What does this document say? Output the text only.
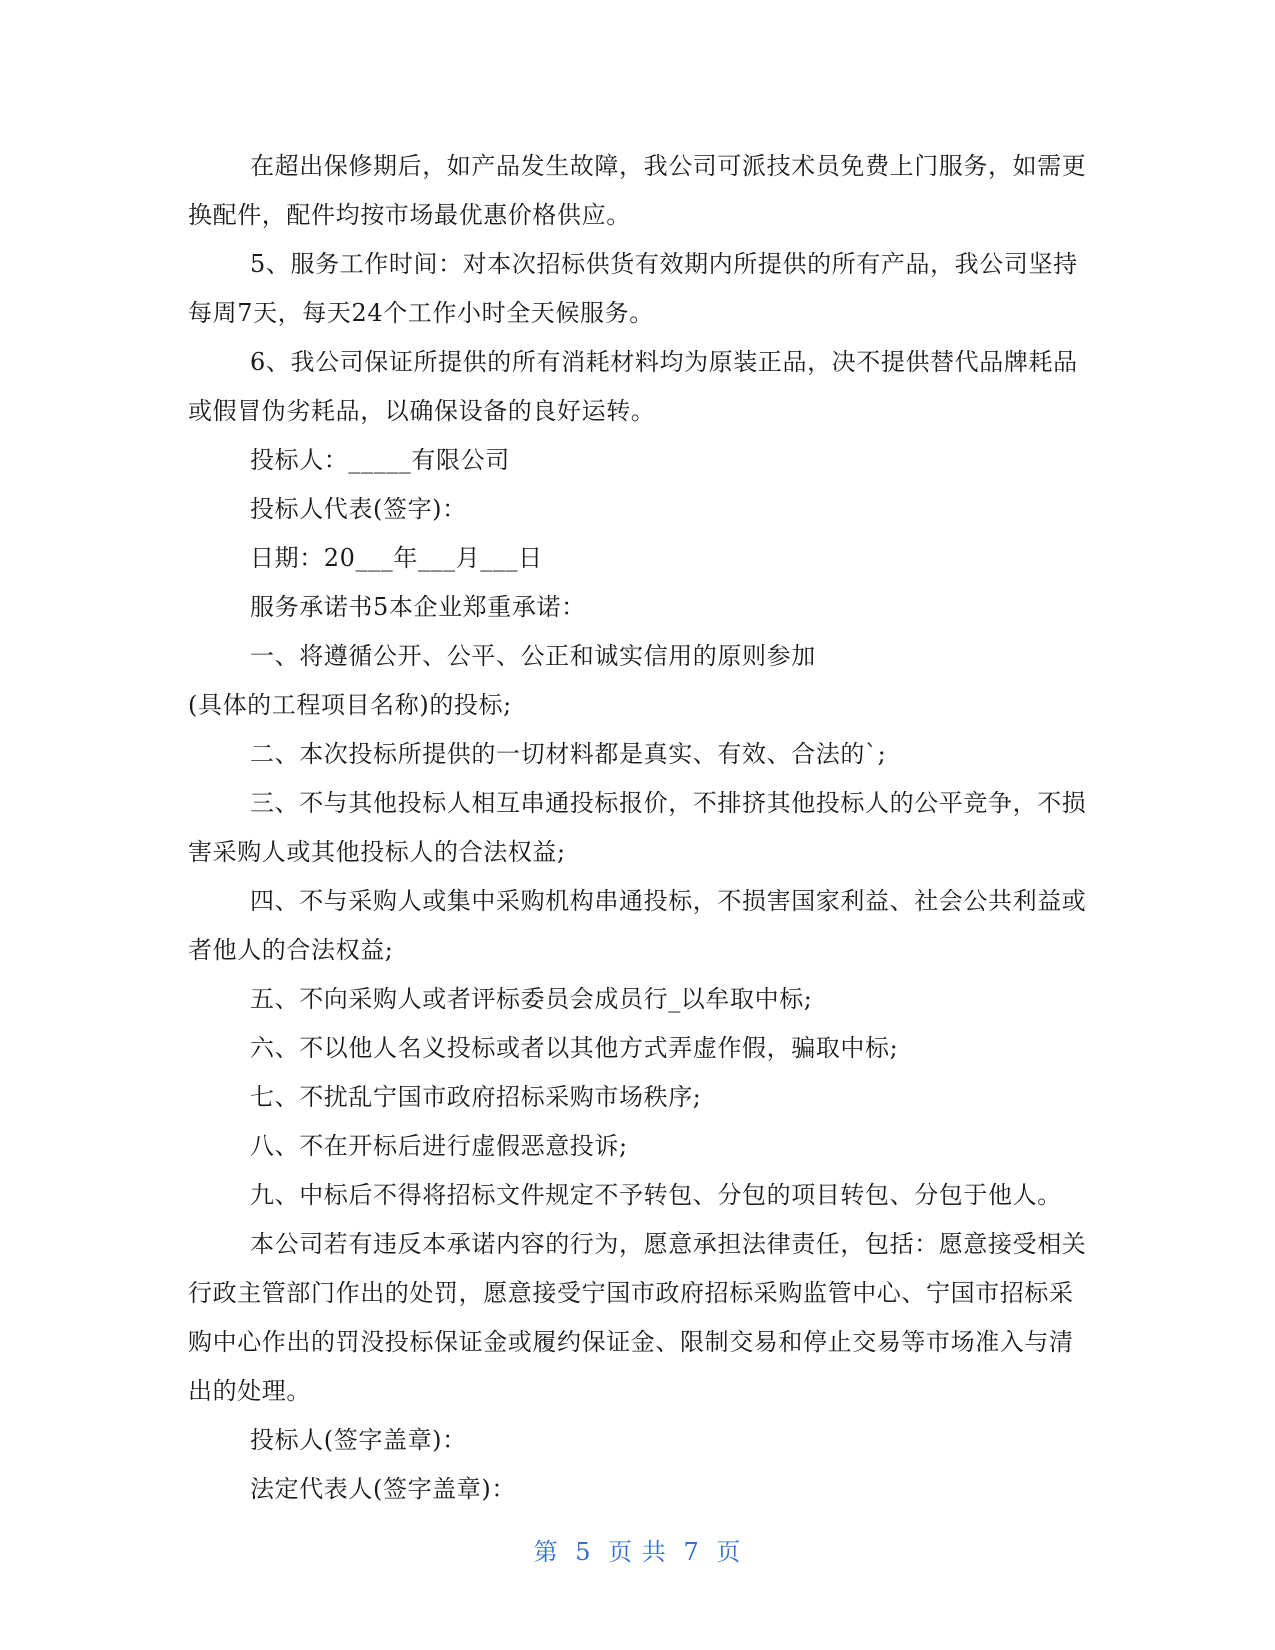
在超出保修期后，如产品发生故障，我公司可派技术员免费上门服务，如需更换配件，配件均按市场最优惠价格供应。

5、服务工作时间：对本次招标供货有效期内所提供的所有产品，我公司坚持每周7天，每天24个工作小时全天候服务。

6、我公司保证所提供的所有消耗材料均为原装正品，决不提供替代品牌耗品或假冒伪劣耗品，以确保设备的良好运转。

投标人：_____有限公司

投标人代表(签字)：

日期：20___年___月___日

服务承诺书5本企业郑重承诺：

一、将遵循公开、公平、公正和诚实信用的原则参加

(具体的工程项目名称)的投标;

二、本次投标所提供的一切材料都是真实、有效、合法的`;

三、不与其他投标人相互串通投标报价，不排挤其他投标人的公平竞争，不损害采购人或其他投标人的合法权益;

四、不与采购人或集中采购机构串通投标，不损害国家利益、社会公共利益或者他人的合法权益;

五、不向采购人或者评标委员会成员行_以牟取中标;

六、不以他人名义投标或者以其他方式弄虚作假，骗取中标;

七、不扰乱宁国市政府招标采购市场秩序;

八、不在开标后进行虚假恶意投诉;

九、中标后不得将招标文件规定不予转包、分包的项目转包、分包于他人。

本公司若有违反本承诺内容的行为，愿意承担法律责任，包括：愿意接受相关行政主管部门作出的处罚，愿意接受宁国市政府招标采购监管中心、宁国市招标采购中心作出的罚没投标保证金或履约保证金、限制交易和停止交易等市场准入与清出的处理。

投标人(签字盖章)：

法定代表人(签字盖章)：

第 5 页 共 7 页
